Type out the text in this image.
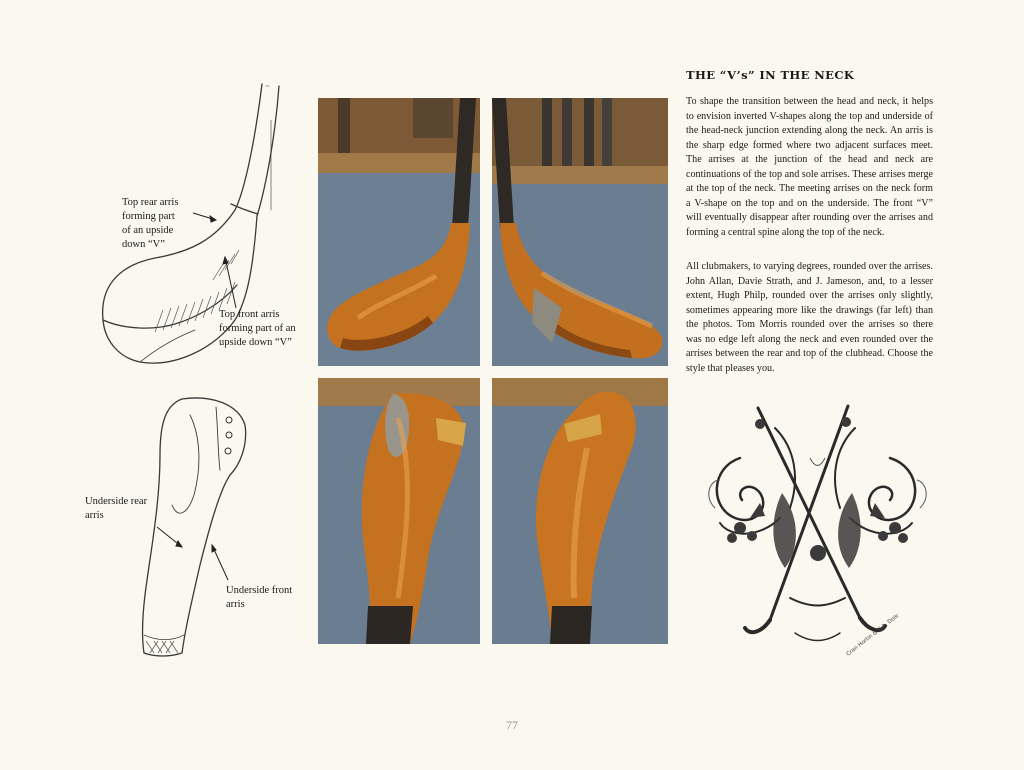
Top rear arris
forming part
of an upside
down “V”
Top front arris
forming part of an
upside down “V”
Underside rear
arris
Underside front
arris
THE “V’s” IN THE NECK

To shape the transition between the head and neck, it helps to envision inverted V-shapes along the top and underside of the head-neck junction extending along the neck. An arris is the sharp edge formed where two adjacent surfaces meet. The arrises at the junction of the head and neck are continuations of the top and sole arrises. These arrises merge at the top of the neck. The meeting arrises on the neck form a V-shape on the top and on the underside. The front “V” will eventually disappear after rounding over the arrises and forming a central spine along the top of the neck.

All clubmakers, to varying degrees, rounded over the arrises. John Allan, Davie Strath, and J. Jameson, and, to a lesser extent, Hugh Philp, rounded over the arrises only slightly, sometimes appearing more like the drawings (far left) than the photos. Tom Morris rounded over the arrises so there was no edge left along the neck and even rounded over the arrises between the rear and top of the clubhead. Choose the style that pleases you.

Cran Hortin & C.A. Dole
77
